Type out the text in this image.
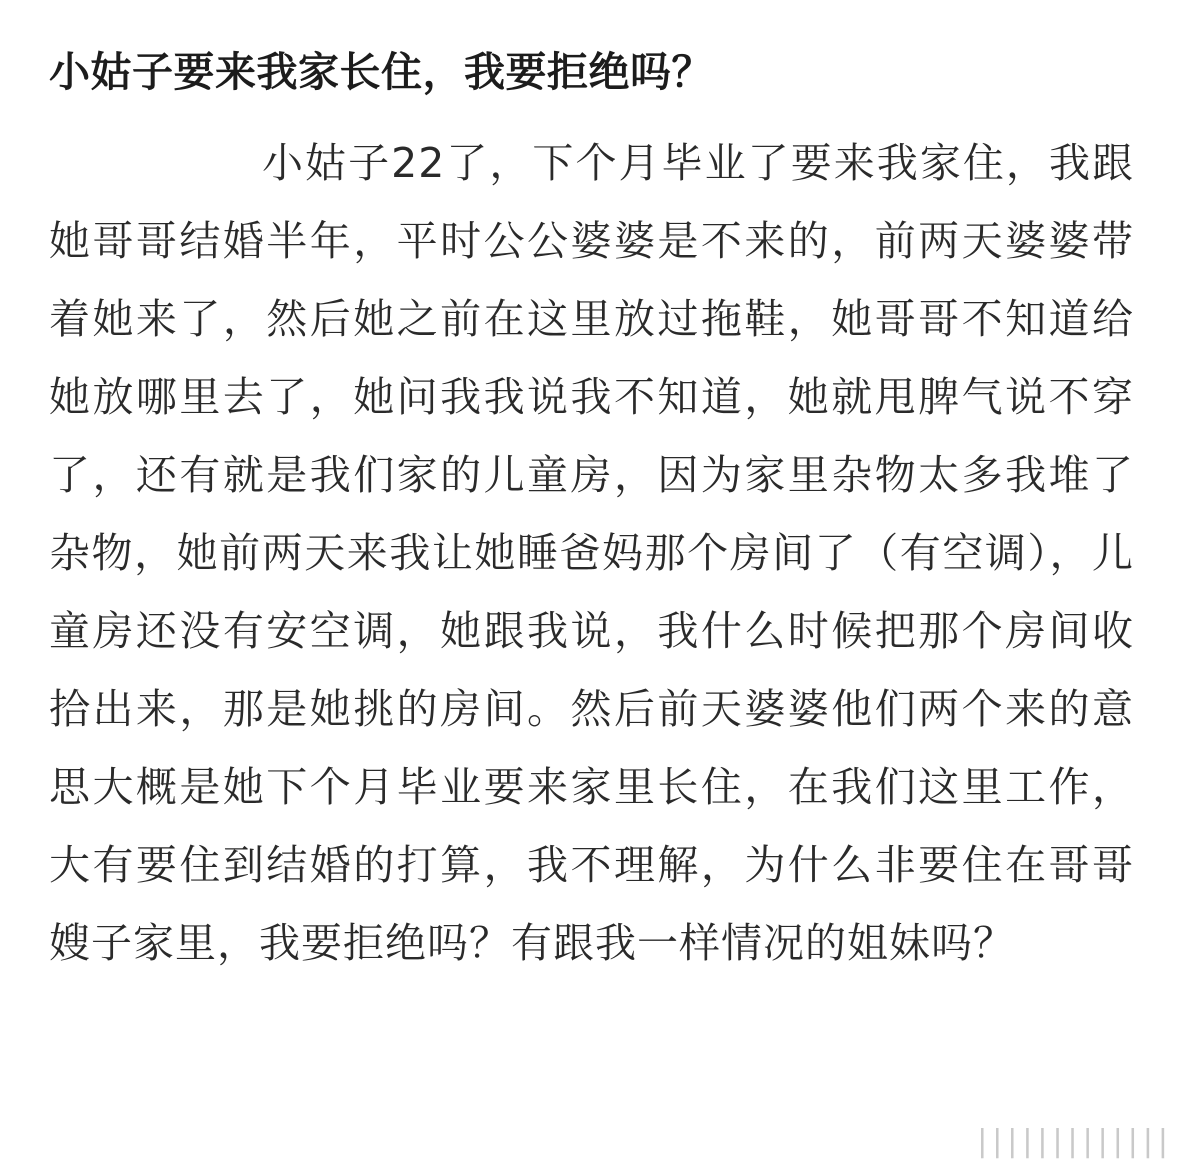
小姑子要来我家长住，我要拒绝吗？

小姑子22了，下个月毕业了要来我家住，我跟她哥哥结婚半年，平时公公婆婆是不来的，前两天婆婆带着她来了，然后她之前在这里放过拖鞋，她哥哥不知道给她放哪里去了，她问我我说我不知道，她就甩脾气说不穿了，还有就是我们家的儿童房，因为家里杂物太多我堆了杂物，她前两天来我让她睡爸妈那个房间了（有空调），儿童房还没有安空调，她跟我说，我什么时候把那个房间收拾出来，那是她挑的房间。然后前天婆婆他们两个来的意思大概是她下个月毕业要来家里长住，在我们这里工作，大有要住到结婚的打算，我不理解，为什么非要住在哥哥嫂子家里，我要拒绝吗？有跟我一样情况的姐妹吗？

|||||||||||||
